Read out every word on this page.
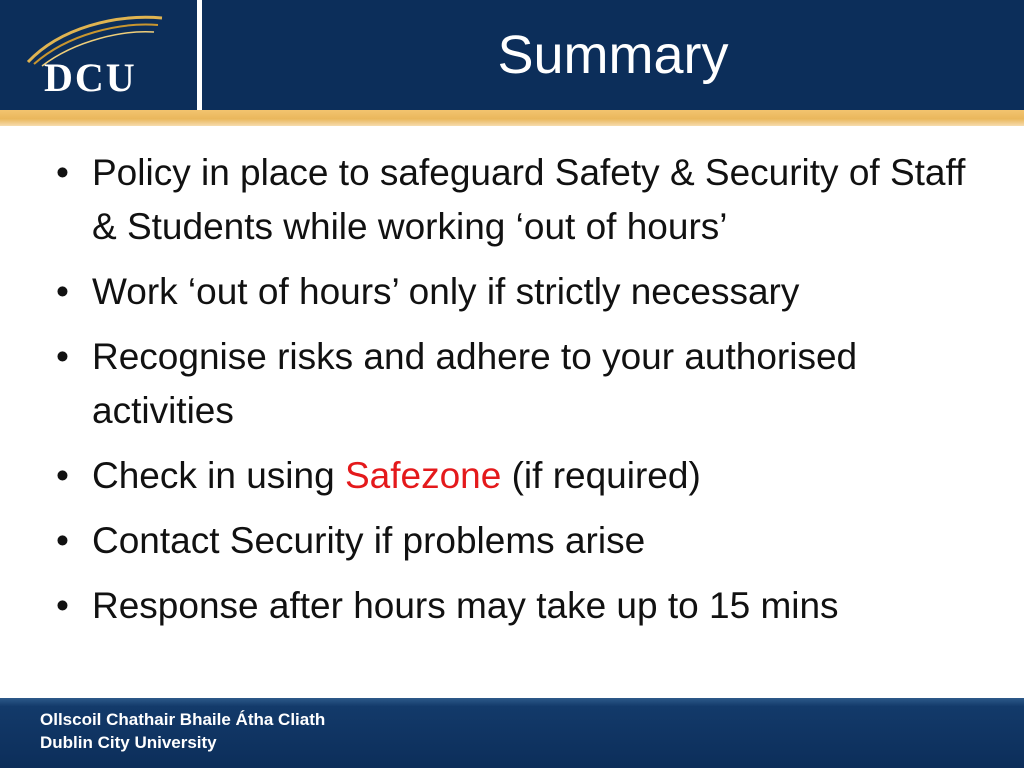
DCU	Summary
• Policy in place to safeguard Safety & Security of Staff & Students while working ‘out of hours’
• Work ‘out of hours’ only if strictly necessary
• Recognise risks and adhere to your authorised activities
• Check in using Safezone (if required)
• Contact Security if problems arise
• Response after hours may take up to 15 mins
Ollscoil Chathair Bhaile Átha Cliath
Dublin City University
